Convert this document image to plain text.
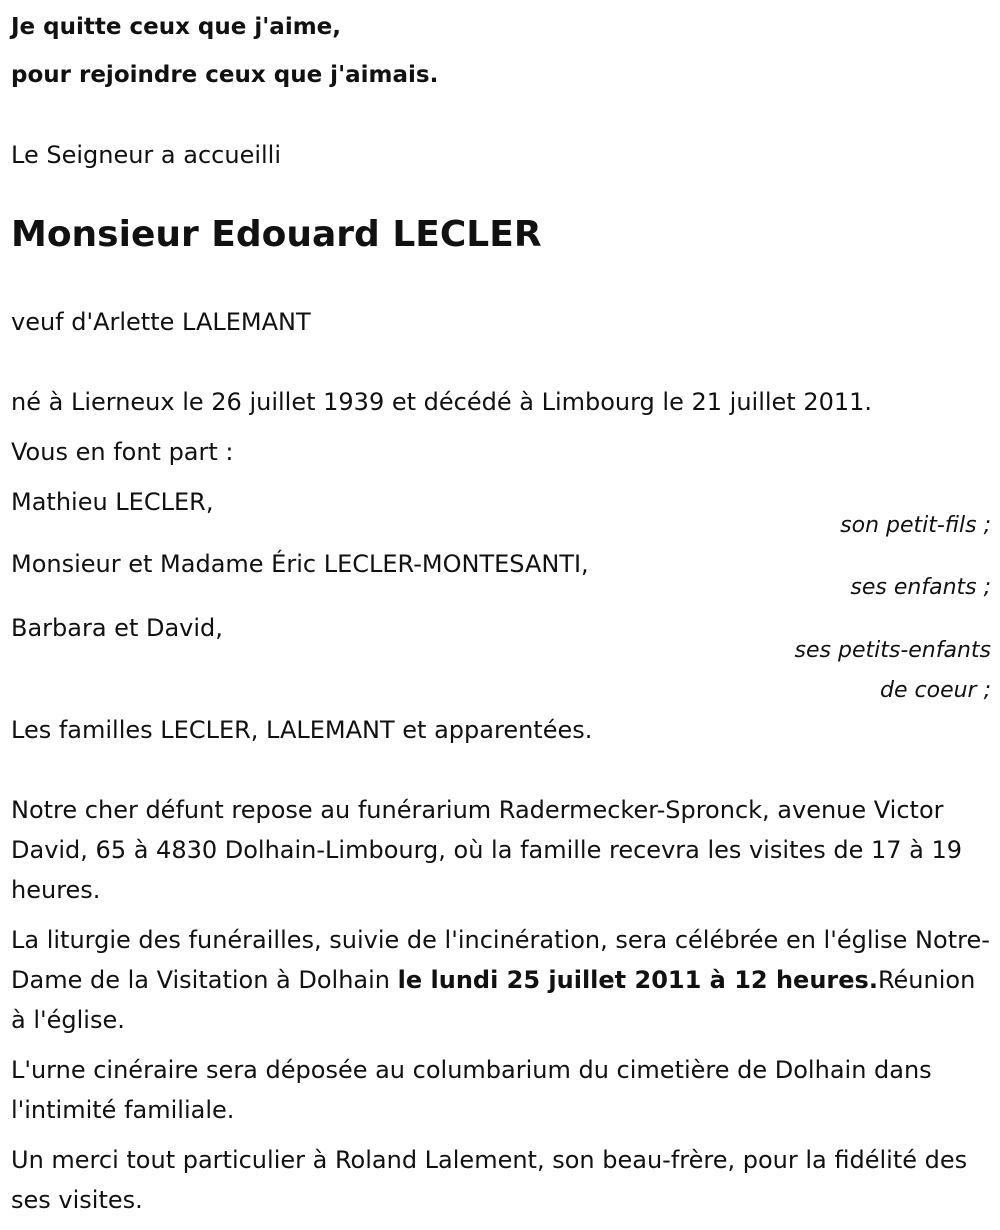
Je quitte ceux que j'aime,
pour rejoindre ceux que j'aimais.
Le Seigneur a accueilli
Monsieur Edouard LECLER
veuf d'Arlette LALEMANT
né à Lierneux le 26 juillet 1939 et décédé à Limbourg le 21 juillet 2011.
Vous en font part :
Mathieu LECLER,
son petit-fils ;
Monsieur et Madame Éric LECLER-MONTESANTI,
ses enfants ;
Barbara et David,
ses petits-enfants
de coeur ;
Les familles LECLER, LALEMANT et apparentées.
Notre cher défunt repose au funérarium Radermecker-Spronck, avenue Victor David, 65 à 4830 Dolhain-Limbourg, où la famille recevra les visites de 17 à 19 heures.
La liturgie des funérailles, suivie de l'incinération, sera célébrée en l'église Notre-Dame de la Visitation à Dolhain le lundi 25 juillet 2011 à 12 heures.Réunion à l'église.
L'urne cinéraire sera déposée au columbarium du cimetière de Dolhain dans l'intimité familiale.
Un merci tout particulier à Roland Lalement, son beau-frère, pour la fidélité des ses visites.
